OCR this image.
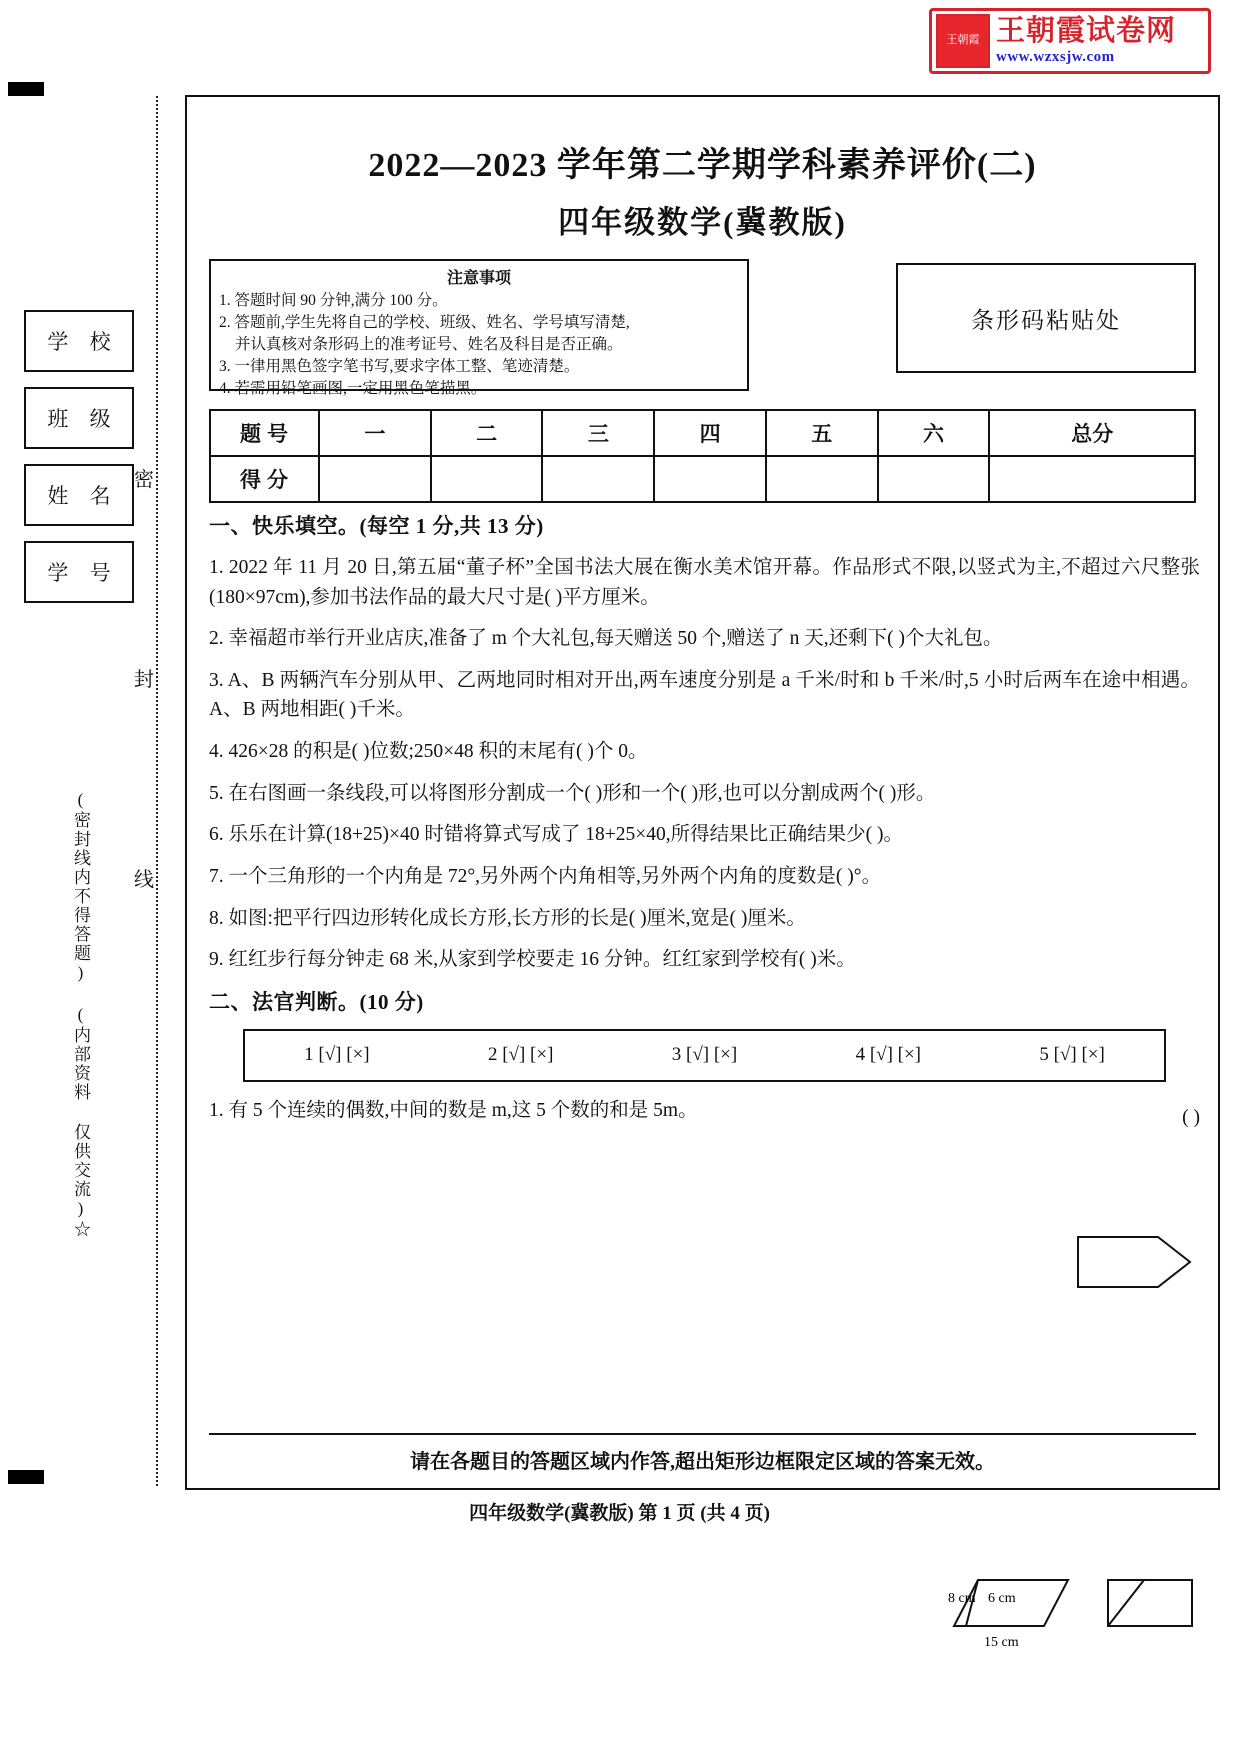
王朝霞 王朝霞试卷网
www.wzxsjw.com
密
封
线
学 校
班 级
姓 名
学 号
(密封线内不得答题) (内部资料 仅供交流)☆
2022—2023 学年第二学期学科素养评价(二)
四年级数学(冀教版)
注意事项
1. 答题时间 90 分钟,满分 100 分。
2. 答题前,学生先将自己的学校、班级、姓名、学号填写清楚,
并认真核对条形码上的准考证号、姓名及科目是否正确。
3. 一律用黑色签字笔书写,要求字体工整、笔迹清楚。
4. 若需用铅笔画图,一定用黑色笔描黑。
条形码粘贴处
题号	一	二	三	四	五	六	总分
得分							
一、快乐填空。(每空 1 分,共 13 分)

1. 2022 年 11 月 20 日,第五届“董子杯”全国书法大展在衡水美术馆开幕。作品形式不限,以竖式为主,不超过六尺整张(180×97cm),参加书法作品的最大尺寸是( )平方厘米。

2. 幸福超市举行开业店庆,准备了 m 个大礼包,每天赠送 50 个,赠送了 n 天,还剩下( )个大礼包。

3. A、B 两辆汽车分别从甲、乙两地同时相对开出,两车速度分别是 a 千米/时和 b 千米/时,5 小时后两车在途中相遇。A、B 两地相距( )千米。

4. 426×28 的积是( )位数;250×48 积的末尾有( )个 0。

5. 在右图画一条线段,可以将图形分割成一个( )形和一个( )形,也可以分割成两个( )形。

6. 乐乐在计算(18+25)×40 时错将算式写成了 18+25×40,所得结果比正确结果少( )。

7. 一个三角形的一个内角是 72°,另外两个内角相等,另外两个内角的度数是( )°。

8. 如图:把平行四边形转化成长方形,长方形的长是( )厘米,宽是( )厘米。

6 cm
8 cm
15 cm

9. 红红步行每分钟走 68 米,从家到学校要走 16 分钟。红红家到学校有( )米。

二、法官判断。(10 分)
1 [√] [×]	2 [√] [×]	3 [√] [×]	4 [√] [×]	5 [√] [×]

1. 有 5 个连续的偶数,中间的数是 m,这 5 个数的和是 5m。	( )
请在各题目的答题区域内作答,超出矩形边框限定区域的答案无效。
四年级数学(冀教版) 第 1 页 (共 4 页)
